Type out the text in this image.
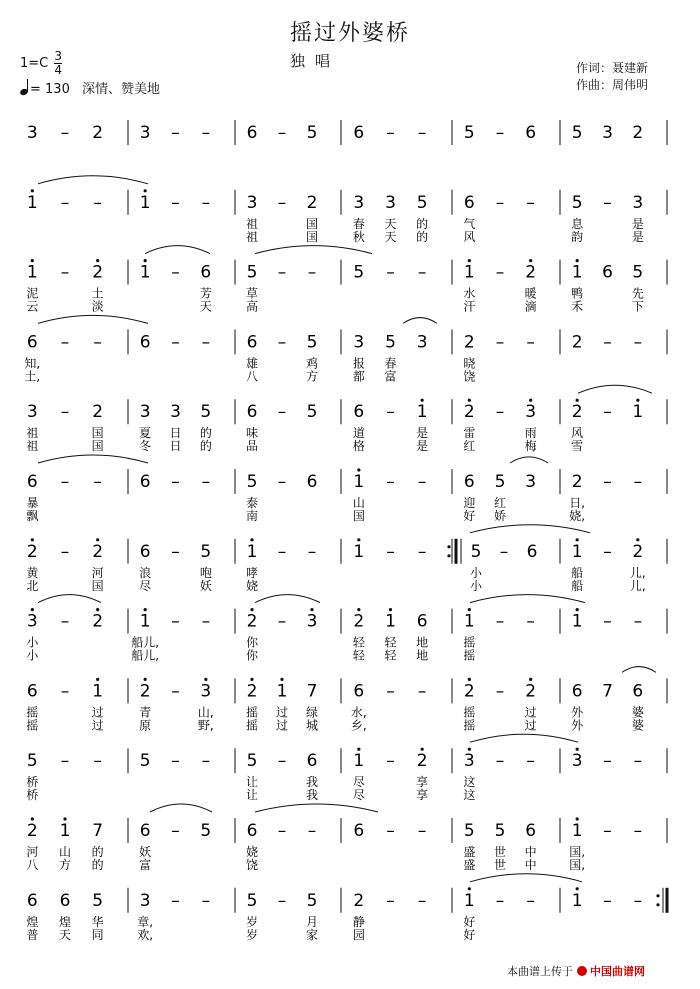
摇过外婆桥
独唱
$1=C \frac{3}{4}$
= 130 深情、赞美地
作词：聂建新
作曲：周伟明
3 – 2 3 – – 6 – 5 6 – – 5 – 6 5 3 2
1 – – 1 – – 3
祖
祖
– 2
国
国
3
春
秋
3
天
天
5
的
的
6
气
风
– – 5
息
韵
– 3
是
是
1
泥
云
– 2
土
淡
1 – 6
芳
天
5
草
高
– – 5 – – 1
水
汗
– 2
暖
滴
1
鸭
禾
6 5
先
下
6
知,
土,
– – 6 – – 6
雄
八
– 5
鸡
方
3
报
都
5
春
富
3 2
晓
饶
– – 2 – –
3
祖
祖
– 2
国
国
3
夏
冬
3
日
日
5
的
的
6
味
品
– 5 6
道
格
– 1
是
是
2
雷
红
– 3
雨
梅
2
风
雪
– 1
6
暴
飘
– – 6 – – 5
泰
南
– 6 1
山
国
– – 6
迎
好
5
红
娇
3 2
日,
娆,
– –
2
黄
北
– 2
河
国
6
浪
尽
– 5
咆
妖
1
哮
娆
– – 1 – –	5
小
小
– 6 1
船
船
– 2
儿,
儿,
3
小
小
– 2 1
船儿,
船儿,
– – 2
你
你
– 3 2
轻
轻
1
轻
轻
6
地
地
1
摇
摇
– – 1 – –
6
摇
摇
– 1
过
过
2
青
原
– 3
山,
野,
2
摇
摇
1
过
过
7
绿
城
6
水,
乡,
– – 2
摇
摇
– 2
过
过
6
外
外
7 6
婆
婆
5
桥
桥
– – 5 – – 5
让
让
– 6
我
我
1
尽
尽
– 2
享
享
3
这
这
– – 3 – –
2
河
八
1
山
方
7
的
的
6
妖
富
– 5 6
娆
饶
– – 6 – – 5
盛
盛
5
世
世
6
中
中
1
国,
国,
– –
6
煌
普
6
煌
天
5
华
同
3
章,
欢,
– – 5
岁
岁
– 5
月
家
2
静
园
– – 1
好
好
– – 1 – –
本曲谱上传于 中国曲谱网
